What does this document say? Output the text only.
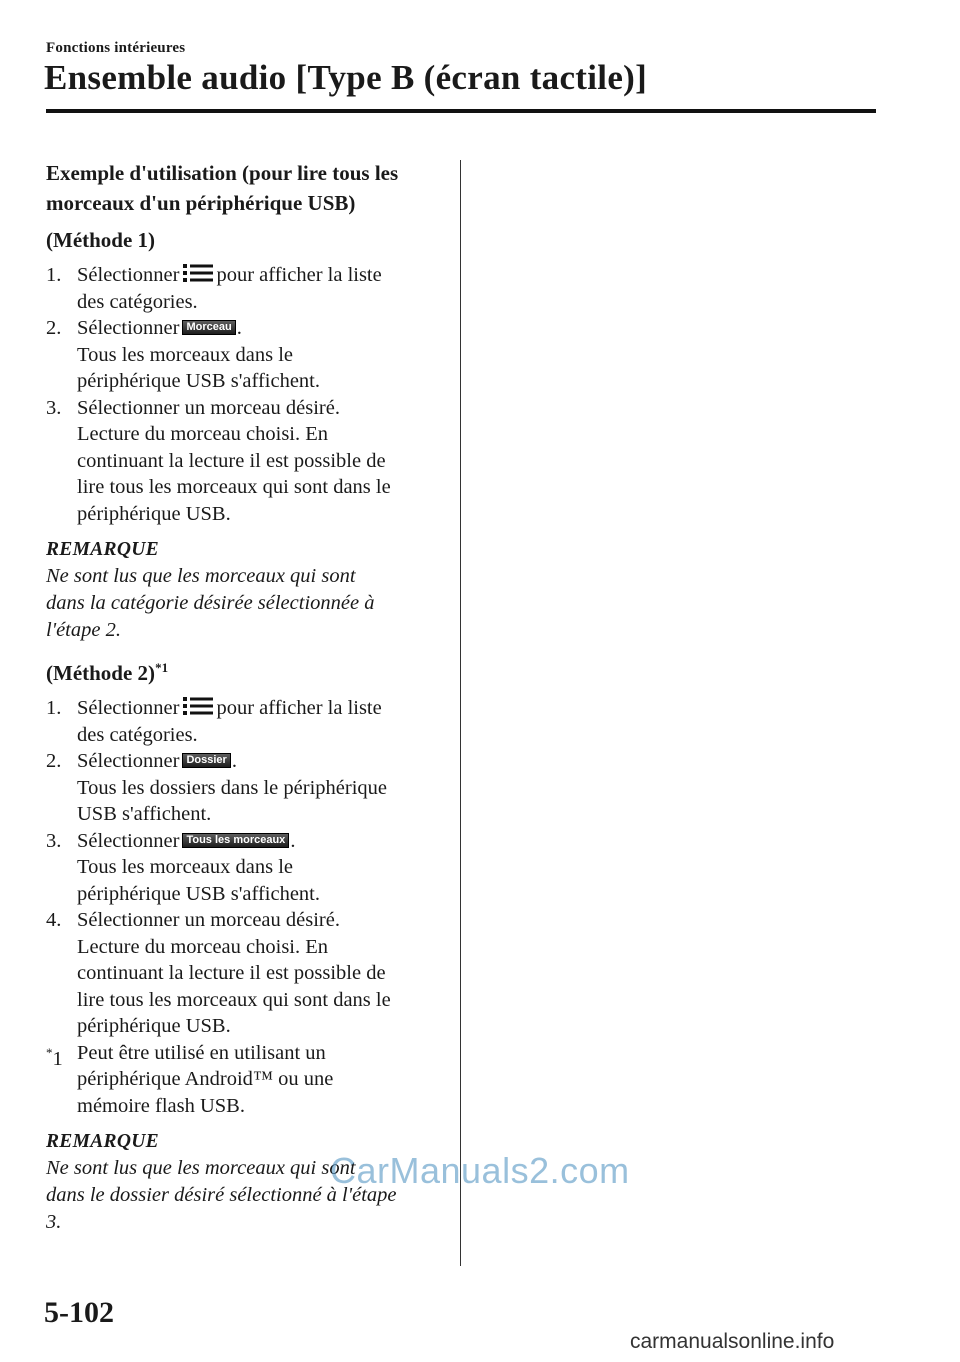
Fonctions intérieures
Ensemble audio [Type B (écran tactile)]
Exemple d'utilisation (pour lire tous les
morceaux d'un périphérique USB)
(Méthode 1)
1. Sélectionner pour afficher la liste
des catégories.
2. Sélectionner Morceau .
Tous les morceaux dans le
périphérique USB s'affichent.
3. Sélectionner un morceau désiré.
Lecture du morceau choisi. En
continuant la lecture il est possible de
lire tous les morceaux qui sont dans le
périphérique USB.
REMARQUE
Ne sont lus que les morceaux qui sont
dans la catégorie désirée sélectionnée à
l'étape 2.
(Méthode 2)$^{*1}$
1. Sélectionner pour afficher la liste
des catégories.
2. Sélectionner Dossier .
Tous les dossiers dans le périphérique
USB s'affichent.
3. Sélectionner Tous les morceaux .
Tous les morceaux dans le
périphérique USB s'affichent.
4. Sélectionner un morceau désiré.
Lecture du morceau choisi. En
continuant la lecture il est possible de
lire tous les morceaux qui sont dans le
périphérique USB.
*1 Peut être utilisé en utilisant un
périphérique Android™ ou une
mémoire flash USB.
REMARQUE
Ne sont lus que les morceaux qui sont
dans le dossier désiré sélectionné à l'étape
3.
CarManuals2.com
5-102
carmanualsonline.info
